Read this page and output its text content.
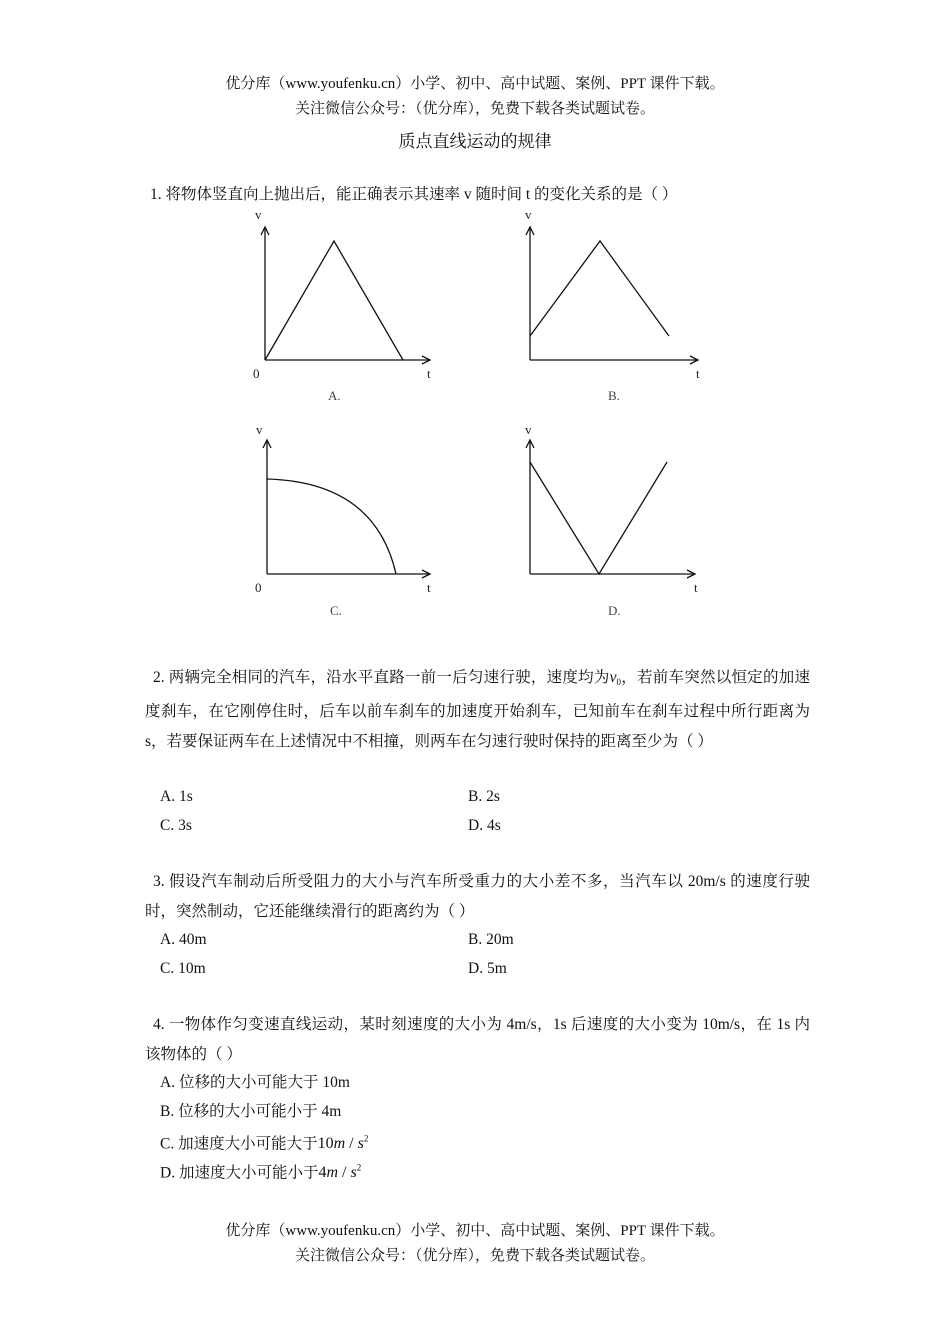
优分库（www.youfenku.cn）小学、初中、高中试题、案例、PPT 课件下载。
关注微信公众号：（优分库），免费下载各类试题试卷。
质点直线运动的规律
1. 将物体竖直向上抛出后，能正确表示其速率 v 随时间 t 的变化关系的是（ ）
v
t
0
A.
v
t
B.
v
t
0
C.
v
t
D.
2. 两辆完全相同的汽车，沿水平直路一前一后匀速行驶，速度均为$v_0$，若前车突然以恒定的加速度刹车，在它刚停住时，后车以前车刹车的加速度开始刹车，已知前车在刹车过程中所行距离为 s，若要保证两车在上述情况中不相撞，则两车在匀速行驶时保持的距离至少为（ ）
A. 1s	B. 2s
C. 3s	D. 4s
3. 假设汽车制动后所受阻力的大小与汽车所受重力的大小差不多，当汽车以 20m/s 的速度行驶时，突然制动，它还能继续滑行的距离约为（ ）
A. 40m	B. 20m
C. 10m	D. 5m
4. 一物体作匀变速直线运动，某时刻速度的大小为 4m/s，1s 后速度的大小变为 10m/s，在 1s 内该物体的（ ）
A. 位移的大小可能大于 10m
B. 位移的大小可能小于 4m
C. 加速度大小可能大于$10m / s^2$
D. 加速度大小可能小于$4m / s^2$
优分库（www.youfenku.cn）小学、初中、高中试题、案例、PPT 课件下载。
关注微信公众号：（优分库），免费下载各类试题试卷。
